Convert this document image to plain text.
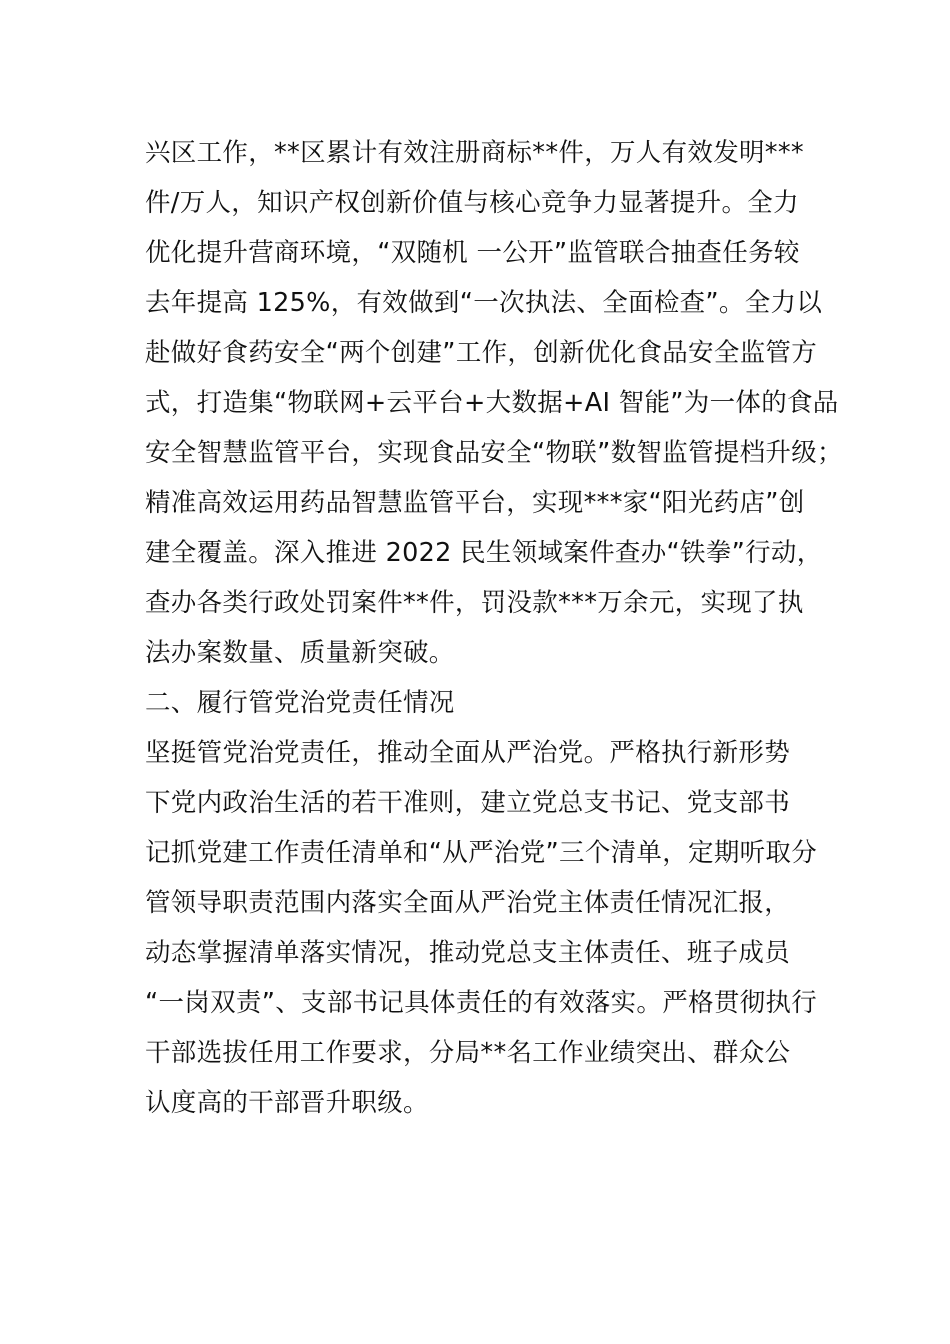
兴区工作，**区累计有效注册商标**件，万人有效发明***
件/万人，知识产权创新价值与核心竞争力显著提升。全力
优化提升营商环境，“双随机 一公开”监管联合抽查任务较
去年提高 125%，有效做到“一次执法、全面检查”。全力以
赴做好食药安全“两个创建”工作，创新优化食品安全监管方
式，打造集“物联网+云平台+大数据+AI 智能”为一体的食品
安全智慧监管平台，实现食品安全“物联”数智监管提档升级；
精准高效运用药品智慧监管平台，实现***家“阳光药店”创
建全覆盖。深入推进 2022 民生领域案件查办“铁拳”行动，
查办各类行政处罚案件**件，罚没款***万余元，实现了执
法办案数量、质量新突破。
二、履行管党治党责任情况
坚挺管党治党责任，推动全面从严治党。严格执行新形势
下党内政治生活的若干准则，建立党总支书记、党支部书
记抓党建工作责任清单和“从严治党”三个清单，定期听取分
管领导职责范围内落实全面从严治党主体责任情况汇报，
动态掌握清单落实情况，推动党总支主体责任、班子成员
“一岗双责”、支部书记具体责任的有效落实。严格贯彻执行
干部选拔任用工作要求，分局**名工作业绩突出、群众公
认度高的干部晋升职级。
